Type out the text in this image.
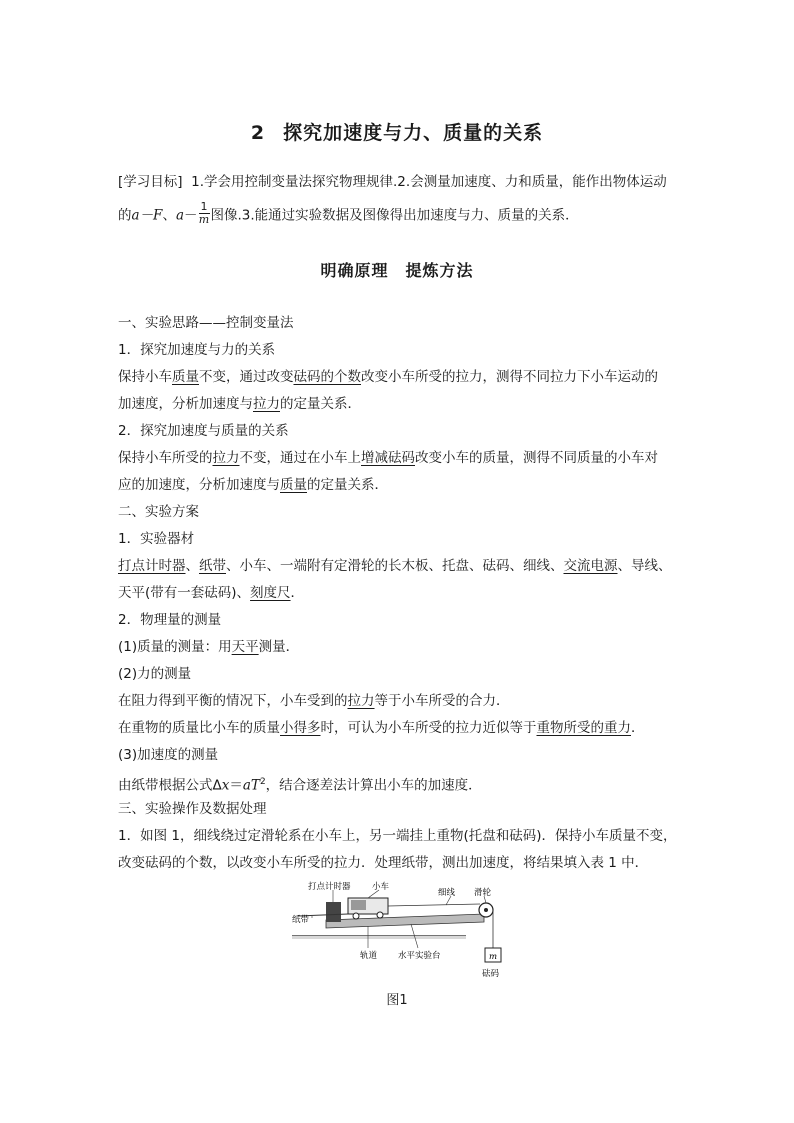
2 探究加速度与力、质量的关系
[学习目标] 1.学会用控制变量法探究物理规律.2.会测量加速度、力和质量，能作出物体运动
的a－F、$a- \frac{1}{m}$ 图像.3.能通过实验数据及图像得出加速度与力、质量的关系．
明确原理　提炼方法
一、实验思路——控制变量法
1．探究加速度与力的关系
保持小车质量不变，通过改变砝码的个数改变小车所受的拉力，测得不同拉力下小车运动的
加速度，分析加速度与拉力的定量关系．
2．探究加速度与质量的关系
保持小车所受的拉力不变，通过在小车上增减砝码改变小车的质量，测得不同质量的小车对
应的加速度，分析加速度与质量的定量关系．
二、实验方案
1．实验器材
打点计时器、纸带、小车、一端附有定滑轮的长木板、托盘、砝码、细线、交流电源、导线、
天平(带有一套砝码)、刻度尺．
2．物理量的测量
(1)质量的测量：用天平测量．
(2)力的测量
在阻力得到平衡的情况下，小车受到的拉力等于小车所受的合力．
在重物的质量比小车的质量小得多时，可认为小车所受的拉力近似等于重物所受的重力．
(3)加速度的测量
由纸带根据公式$\Delta x=aT^2$，结合逐差法计算出小车的加速度．
三、实验操作及数据处理
1．如图 1，细线绕过定滑轮系在小车上，另一端挂上重物(托盘和砝码)．保持小车质量不变，
改变砝码的个数，以改变小车所受的拉力．处理纸带，测出加速度，将结果填入表 1 中．
打点计时器	小车
细线 滑轮
纸带
轨道 水平实验台	m
砝码
图1
